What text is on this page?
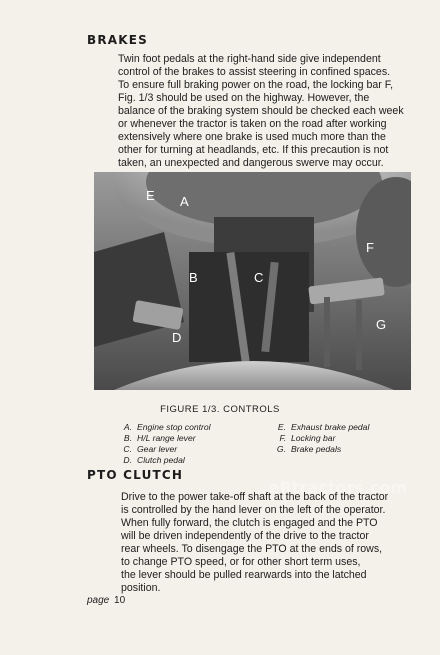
BRAKES
Twin foot pedals at the right-hand side give independent
control of the brakes to assist steering in confined spaces.
To ensure full braking power on the road, the locking bar F,
Fig. 1/3 should be used on the highway. However, the
balance of the braking system should be checked each week
or whenever the tractor is taken on the road after working
extensively where one brake is used much more than the
other for turning at headlands, etc. If this precaution is not
taken, an unexpected and dangerous swerve may occur.
E A
B	C
F
D
G
eRtractors.com
FIGURE 1/3. CONTROLS
A. Engine stop control
B. H/L range lever
C. Gear lever
D. Clutch pedal
E. Exhaust brake pedal
F. Locking bar
G. Brake pedals
PTO CLUTCH
Drive to the power take-off shaft at the back of the tractor
is controlled by the hand lever on the left of the operator.
When fully forward, the clutch is engaged and the PTO
will be driven independently of the drive to the tractor
rear wheels. To disengage the PTO at the ends of rows,
to change PTO speed, or for other short term uses,
the lever should be pulled rearwards into the latched
position.
page 10
